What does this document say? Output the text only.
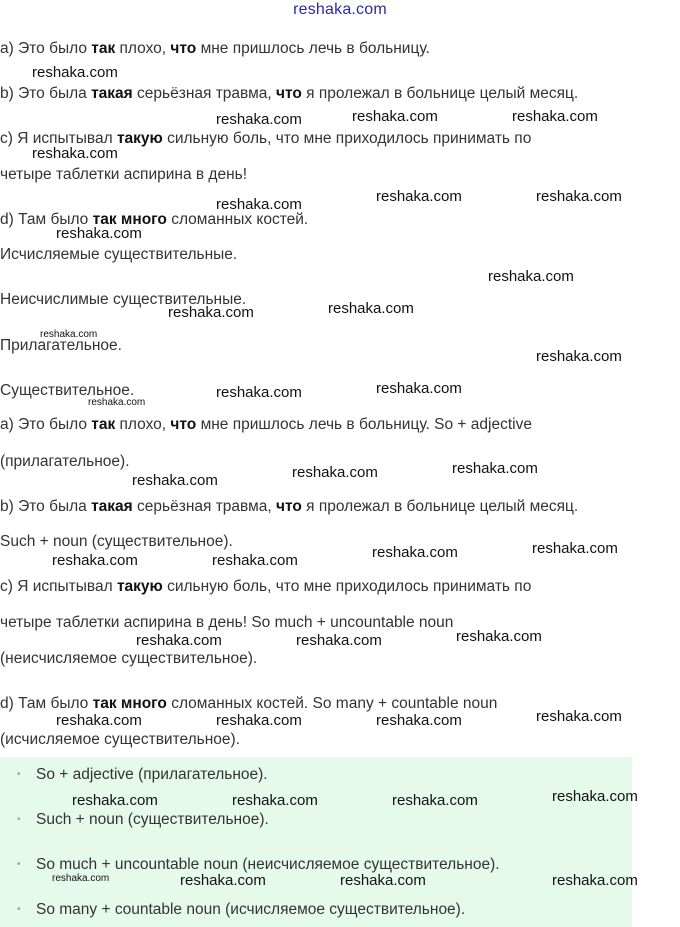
reshaka.com
a) Это было так плохо, что мне пришлось лечь в больницу.
b) Это была такая серьёзная травма, что я пролежал в больнице целый месяц.
c) Я испытывал такую сильную боль, что мне приходилось принимать по
четыре таблетки аспирина в день!
d) Там было так много сломанных костей.
Исчисляемые существительные.
Неисчислимые существительные.
Прилагательное.
Существительное.
a) Это было так плохо, что мне пришлось лечь в больницу. So + adjective
(прилагательное).
b) Это была такая серьёзная травма, что я пролежал в больнице целый месяц.
Such + noun (существительное).
c) Я испытывал такую сильную боль, что мне приходилось принимать по
четыре таблетки аспирина в день! So much + uncountable noun
(неисчисляемое существительное).
d) Там было так много сломанных костей. So many + countable noun
(исчисляемое существительное).
• So + adjective (прилагательное).
• Such + noun (существительное).
• So much + uncountable noun (неисчисляемое существительное).
• So many + countable noun (исчисляемое существительное).
reshaka.com
reshaka.com	reshaka.com	reshaka.com
reshaka.com
reshaka.com	reshaka.com	reshaka.com
reshaka.com
reshaka.com
reshaka.com	reshaka.com
reshaka.com
reshaka.com
reshaka.com	reshaka.com
reshaka.com
reshaka.com	reshaka.com	reshaka.com
reshaka.com	reshaka.com	reshaka.com	reshaka.com
reshaka.com	reshaka.com	reshaka.com
reshaka.com	reshaka.com	reshaka.com	reshaka.com
reshaka.com	reshaka.com	reshaka.com	reshaka.com
reshaka.com	reshaka.com	reshaka.com	reshaka.com
